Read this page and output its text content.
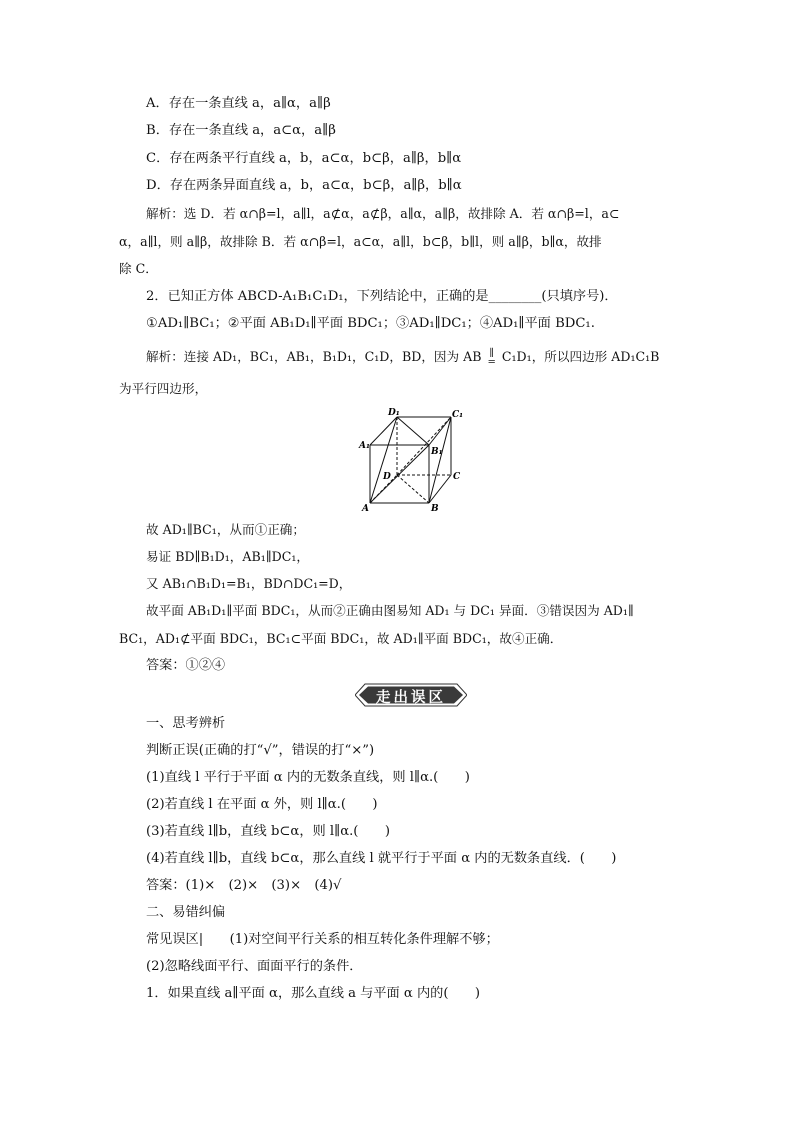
A．存在一条直线 a，a∥α，a∥β
B．存在一条直线 a，a⊂α，a∥β
C．存在两条平行直线 a，b，a⊂α，b⊂β，a∥β，b∥α
D．存在两条异面直线 a，b，a⊂α，b⊂β，a∥β，b∥α
解析：选 D．若 α∩β=l，a∥l，a⊄α，a⊄β，a∥α，a∥β，故排除 A．若 α∩β=l，a⊂
α，a∥l，则 a∥β，故排除 B．若 α∩β=l，a⊂α，a∥l，b⊂β，b∥l，则 a∥β，b∥α，故排
除 C．
2．已知正方体 ABCD-A₁B₁C₁D₁，下列结论中，正确的是________(只填序号)．
①AD₁∥BC₁；②平面 AB₁D₁∥平面 BDC₁；③AD₁∥DC₁；④AD₁∥平面 BDC₁.
解析：连接 AD₁，BC₁，AB₁，B₁D₁，C₁D，BD，因为 AB ∥
= C₁D₁，所以四边形 AD₁C₁B
为平行四边形，
D₁	C₁
A₁
B₁
D	C
A	B
故 AD₁∥BC₁，从而①正确；
易证 BD∥B₁D₁，AB₁∥DC₁，
又 AB₁∩B₁D₁=B₁，BD∩DC₁=D，
故平面 AB₁D₁∥平面 BDC₁，从而②正确由图易知 AD₁ 与 DC₁ 异面．③错误因为 AD₁∥
BC₁，AD₁⊄平面 BDC₁，BC₁⊂平面 BDC₁，故 AD₁∥平面 BDC₁，故④正确．
答案：①②④
走出误区
一、思考辨析
判断正误(正确的打“√”，错误的打“×”)
(1)直线 l 平行于平面 α 内的无数条直线，则 l∥α.(　　)
(2)若直线 l 在平面 α 外，则 l∥α.(　　)
(3)若直线 l∥b，直线 b⊂α，则 l∥α.(　　)
(4)若直线 l∥b，直线 b⊂α，那么直线 l 就平行于平面 α 内的无数条直线．(　　)
答案：(1)×　(2)×　(3)×　(4)√
二、易错纠偏
常见误区|　　(1)对空间平行关系的相互转化条件理解不够；
(2)忽略线面平行、面面平行的条件．
1．如果直线 a∥平面 α，那么直线 a 与平面 α 内的(　　)
